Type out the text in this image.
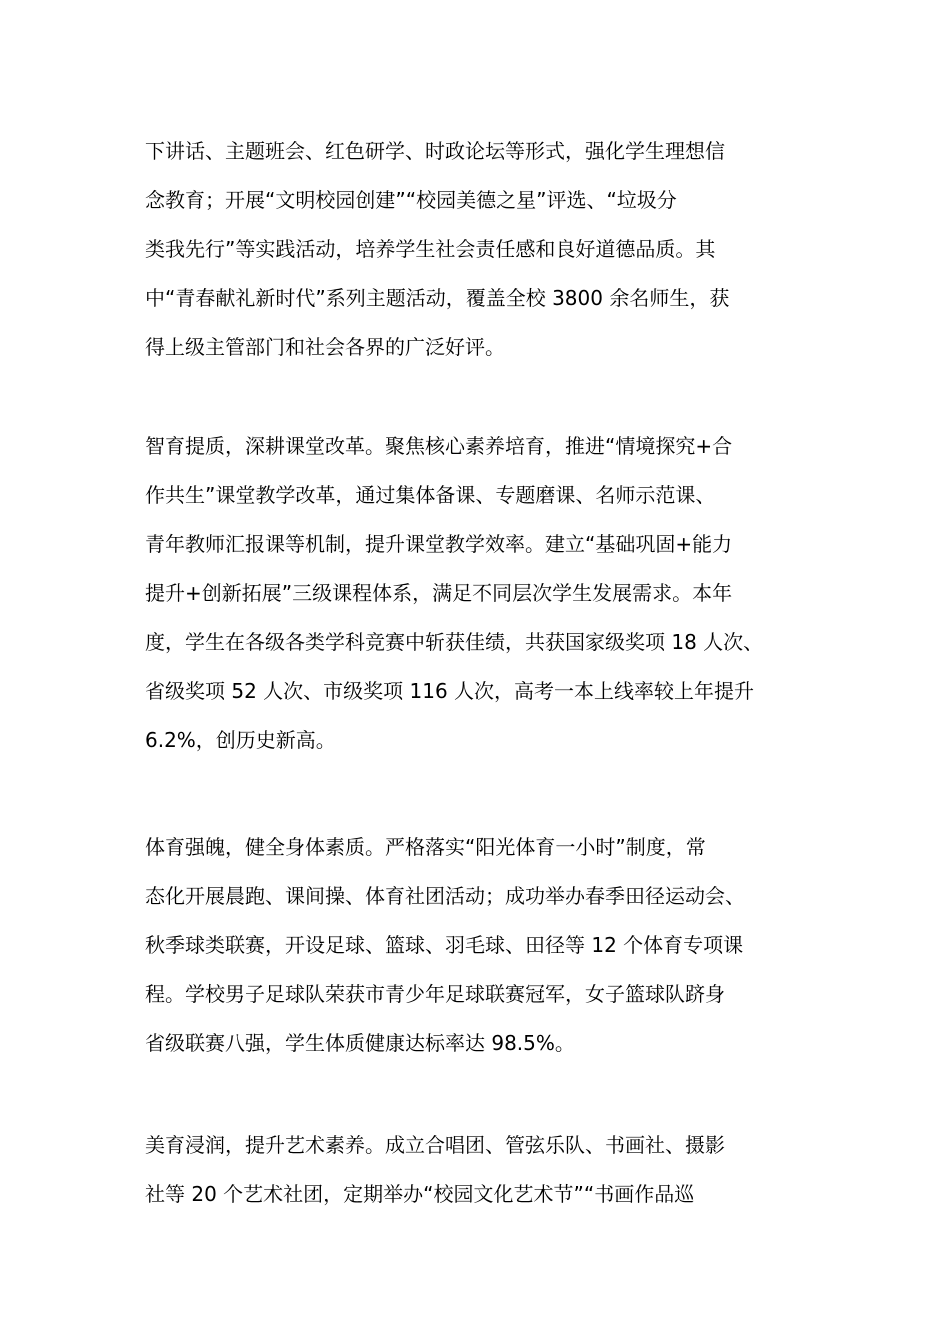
下讲话、主题班会、红色研学、时政论坛等形式，强化学生理想信
念教育；开展“文明校园创建”“校园美德之星”评选、“垃圾分
类我先行”等实践活动，培养学生社会责任感和良好道德品质。其
中“青春献礼新时代”系列主题活动，覆盖全校 3800 余名师生，获
得上级主管部门和社会各界的广泛好评。
智育提质，深耕课堂改革。聚焦核心素养培育，推进“情境探究+合
作共生”课堂教学改革，通过集体备课、专题磨课、名师示范课、
青年教师汇报课等机制，提升课堂教学效率。建立“基础巩固+能力
提升+创新拓展”三级课程体系，满足不同层次学生发展需求。本年
度，学生在各级各类学科竞赛中斩获佳绩，共获国家级奖项 18 人次、
省级奖项 52 人次、市级奖项 116 人次，高考一本上线率较上年提升
6.2%，创历史新高。
体育强魄，健全身体素质。严格落实“阳光体育一小时”制度，常
态化开展晨跑、课间操、体育社团活动；成功举办春季田径运动会、
秋季球类联赛，开设足球、篮球、羽毛球、田径等 12 个体育专项课
程。学校男子足球队荣获市青少年足球联赛冠军，女子篮球队跻身
省级联赛八强，学生体质健康达标率达 98.5%。
美育浸润，提升艺术素养。成立合唱团、管弦乐队、书画社、摄影
社等 20 个艺术社团，定期举办“校园文化艺术节”“书画作品巡
